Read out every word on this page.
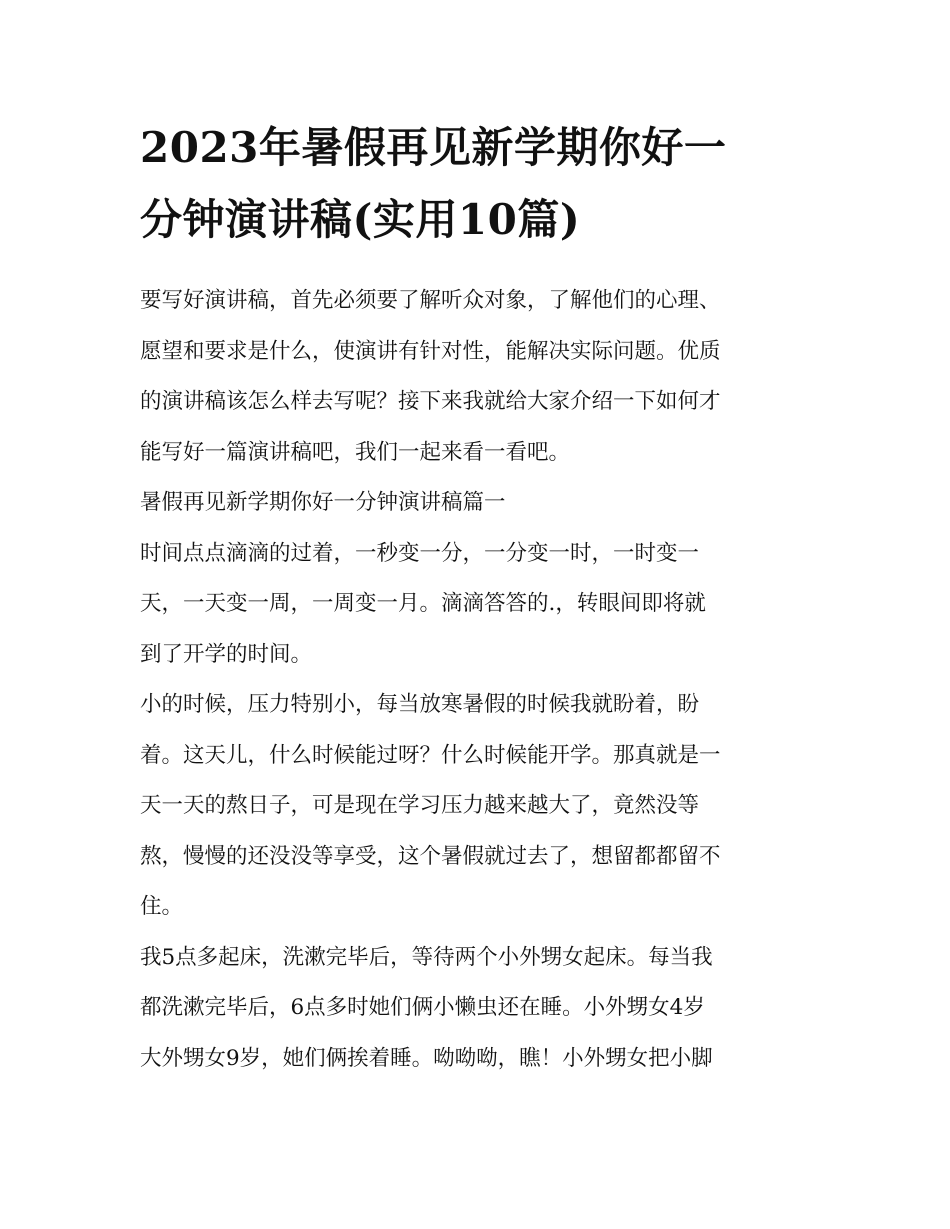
2023年暑假再见新学期你好一
分钟演讲稿(实用10篇)

要写好演讲稿，首先必须要了解听众对象，了解他们的心理、
愿望和要求是什么，使演讲有针对性，能解决实际问题。优质
的演讲稿该怎么样去写呢？接下来我就给大家介绍一下如何才
能写好一篇演讲稿吧，我们一起来看一看吧。

暑假再见新学期你好一分钟演讲稿篇一

时间点点滴滴的过着，一秒变一分，一分变一时，一时变一
天，一天变一周，一周变一月。滴滴答答的.，转眼间即将就
到了开学的时间。

小的时候，压力特别小，每当放寒暑假的时候我就盼着，盼
着。这天儿，什么时候能过呀？什么时候能开学。那真就是一
天一天的熬日子，可是现在学习压力越来越大了，竟然没等
熬，慢慢的还没没等享受，这个暑假就过去了，想留都都留不
住。

我5点多起床，洗漱完毕后，等待两个小外甥女起床。每当我
都洗漱完毕后，6点多时她们俩小懒虫还在睡。小外甥女4岁
大外甥女9岁，她们俩挨着睡。呦呦呦，瞧！小外甥女把小脚
